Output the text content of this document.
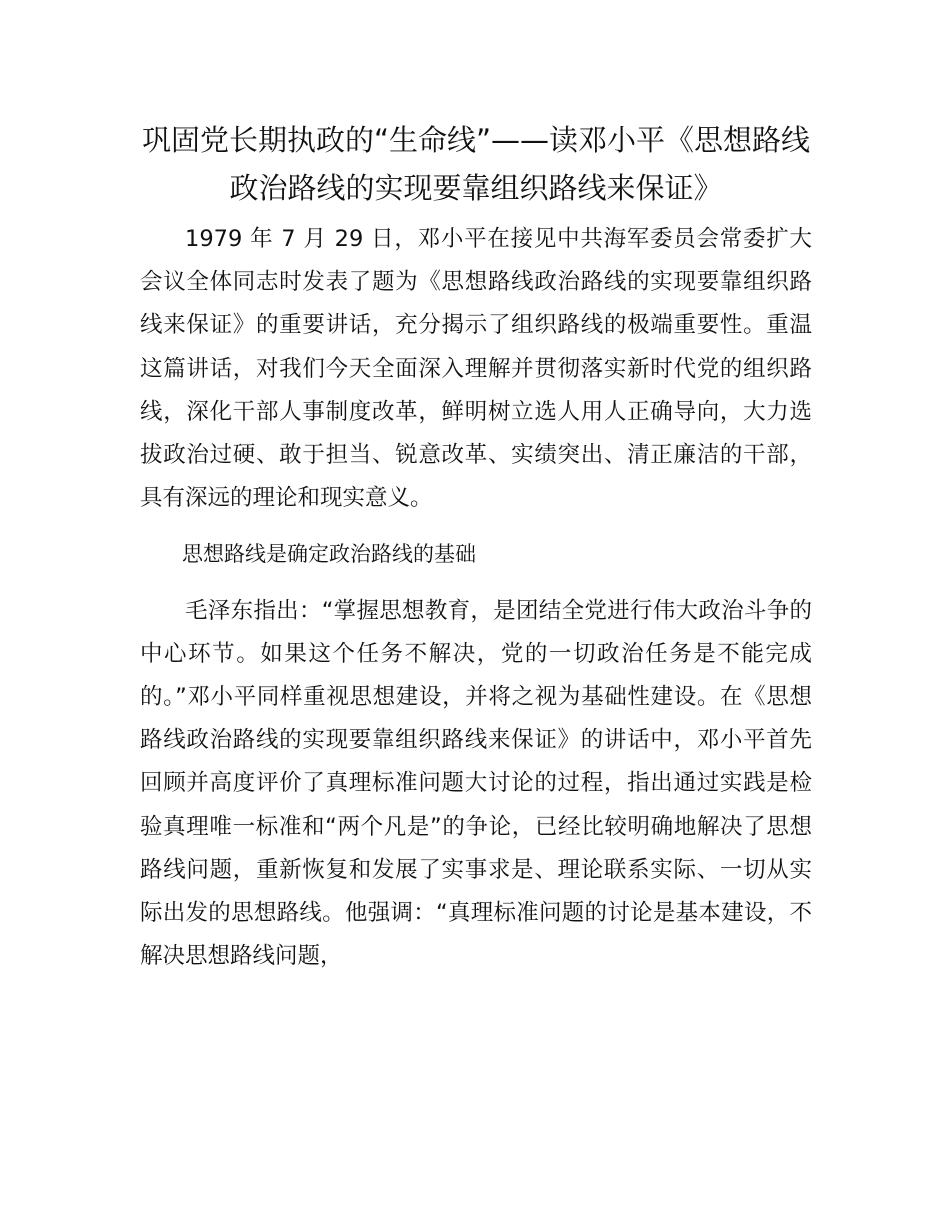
巩固党长期执政的“生命线”——读邓小平《思想路线政治路线的实现要靠组织路线来保证》

1979 年 7 月 29 日，邓小平在接见中共海军委员会常委扩大会议全体同志时发表了题为《思想路线政治路线的实现要靠组织路线来保证》的重要讲话，充分揭示了组织路线的极端重要性。重温这篇讲话，对我们今天全面深入理解并贯彻落实新时代党的组织路线，深化干部人事制度改革，鲜明树立选人用人正确导向，大力选拔政治过硬、敢于担当、锐意改革、实绩突出、清正廉洁的干部，具有深远的理论和现实意义。

思想路线是确定政治路线的基础

毛泽东指出：“掌握思想教育，是团结全党进行伟大政治斗争的中心环节。如果这个任务不解决，党的一切政治任务是不能完成的。”邓小平同样重视思想建设，并将之视为基础性建设。在《思想路线政治路线的实现要靠组织路线来保证》的讲话中，邓小平首先回顾并高度评价了真理标准问题大讨论的过程，指出通过实践是检验真理唯一标准和“两个凡是”的争论，已经比较明确地解决了思想路线问题，重新恢复和发展了实事求是、理论联系实际、一切从实际出发的思想路线。他强调：“真理标准问题的讨论是基本建设，不解决思想路线问题，
